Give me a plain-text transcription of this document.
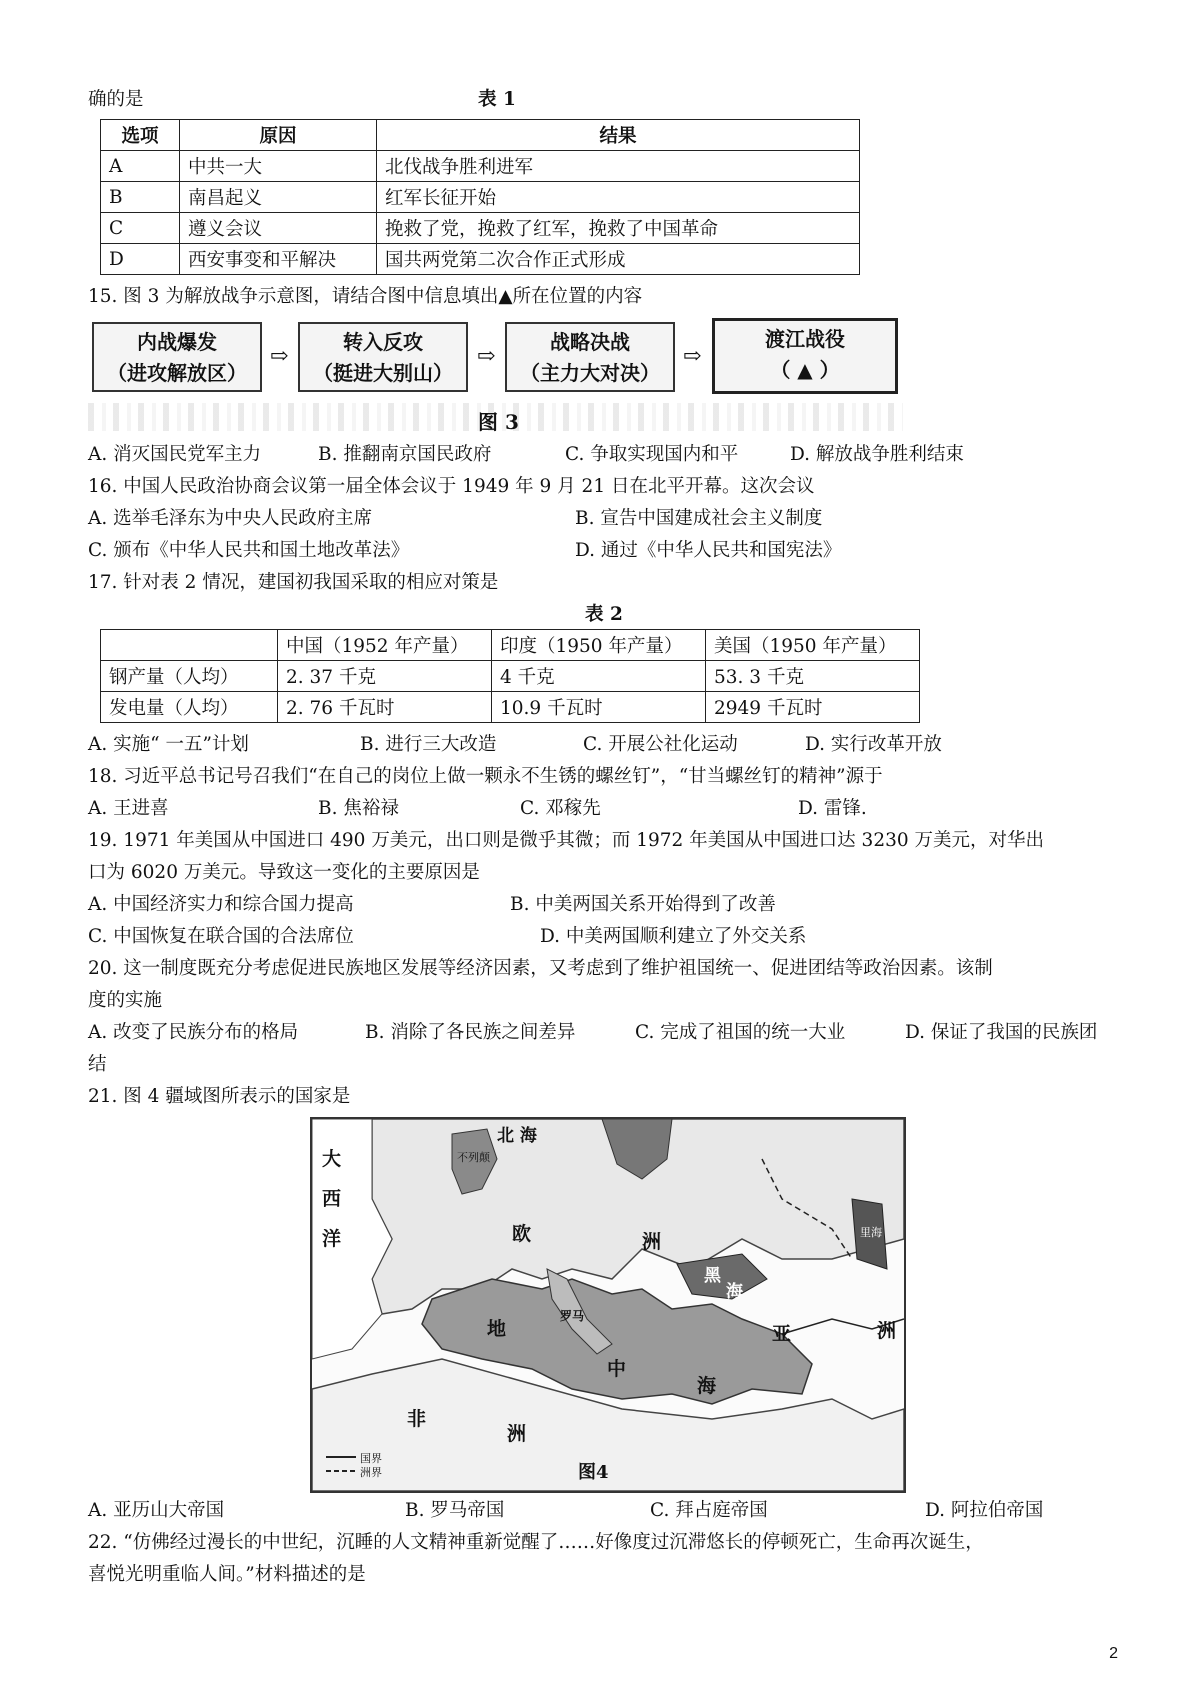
确的是	表 1
选项	原因	结果
A	中共一大	北伐战争胜利进军
B	南昌起义	红军长征开始
C	遵义会议	挽救了党，挽救了红军，挽救了中国革命
D	西安事变和平解决	国共两党第二次合作正式形成
15. 图 3 为解放战争示意图，请结合图中信息填出▲所在位置的内容
内战爆发
（进攻解放区）
⇨
转入反攻
（挺进大别山）
⇨
战略决战
（主力大对决）
⇨
渡江战役
（ ▲ ）
图 3
A. 消灭国民党军主力	B. 推翻南京国民政府	C. 争取实现国内和平	D. 解放战争胜利结束
16. 中国人民政治协商会议第一届全体会议于 1949 年 9 月 21 日在北平开幕。这次会议
A. 选举毛泽东为中央人民政府主席	B. 宣告中国建成社会主义制度
C. 颁布《中华人民共和国土地改革法》	D. 通过《中华人民共和国宪法》
17. 针对表 2 情况，建国初我国采取的相应对策是
表 2
	中国（1952 年产量）	印度（1950 年产量）	美国（1950 年产量）
钢产量（人均）	2. 37 千克	4 千克	53. 3 千克
发电量（人均）	2. 76 千瓦时	10.9 千瓦时	2949 千瓦时
A. 实施“ 一五”计划	B. 进行三大改造	C. 开展公社化运动	D. 实行改革开放
18. 习近平总书记号召我们“在自己的岗位上做一颗永不生锈的螺丝钉”，“甘当螺丝钉的精神”源于
A. 王进喜	B. 焦裕禄	C. 邓稼先	D. 雷锋.
19. 1971 年美国从中国进口 490 万美元，出口则是微乎其微；而 1972 年美国从中国进口达 3230 万美元，对华出
口为 6020 万美元。导致这一变化的主要原因是
A. 中国经济实力和综合国力提高	B. 中美两国关系开始得到了改善
C. 中国恢复在联合国的合法席位	D. 中美两国顺利建立了外交关系
20. 这一制度既充分考虑促进民族地区发展等经济因素，又考虑到了维护祖国统一、促进团结等政治因素。该制
度的实施
A. 改变了民族分布的格局	B. 消除了各民族之间差异	C. 完成了祖国的统一大业	D. 保证了我国的民族团
结
21. 图 4 疆域图所表示的国家是
大
西
洋
北 海
不列颠
欧	洲
黑
海
罗马
地
中
海
亚	洲
非
洲
里海
国界
洲界	图4
A. 亚历山大帝国	B. 罗马帝国	C. 拜占庭帝国	D. 阿拉伯帝国
22. “仿佛经过漫长的中世纪，沉睡的人文精神重新觉醒了……好像度过沉滞悠长的停顿死亡，生命再次诞生，
喜悦光明重临人间。”材料描述的是
2
